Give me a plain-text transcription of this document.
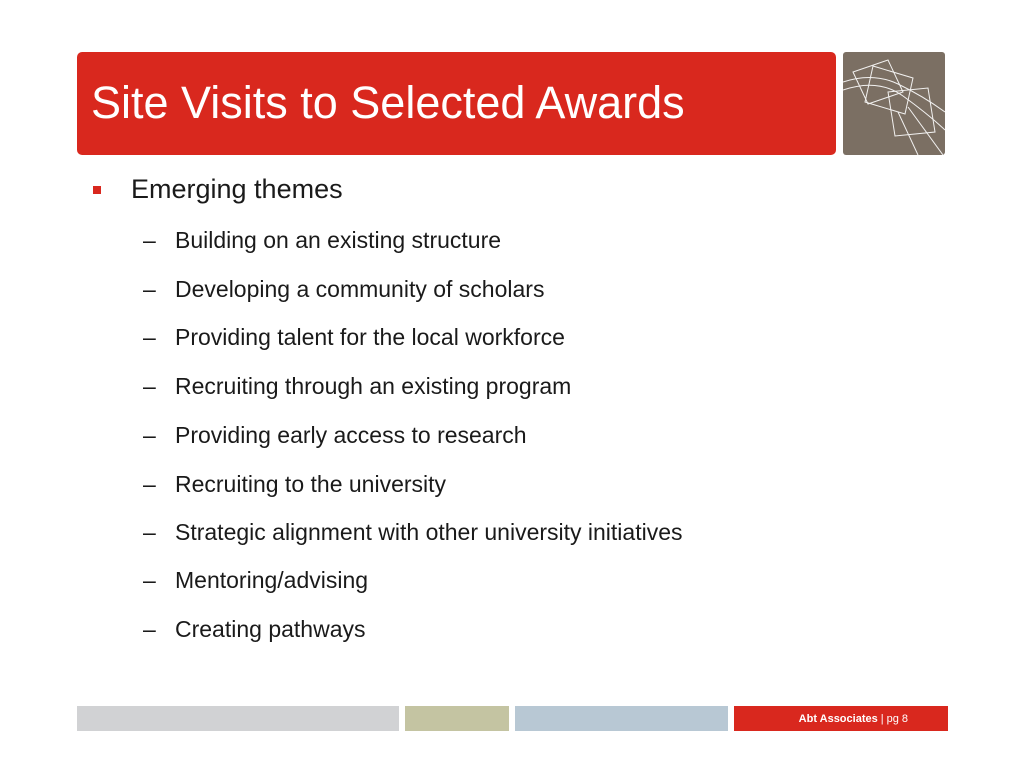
Site Visits to Selected Awards
Emerging themes
– Building on an existing structure
– Developing a community of scholars
– Providing talent for the local workforce
– Recruiting through an existing program
– Providing early access to research
– Recruiting to the university
– Strategic alignment with other university initiatives
– Mentoring/advising
– Creating pathways
Abt Associates | pg 8
